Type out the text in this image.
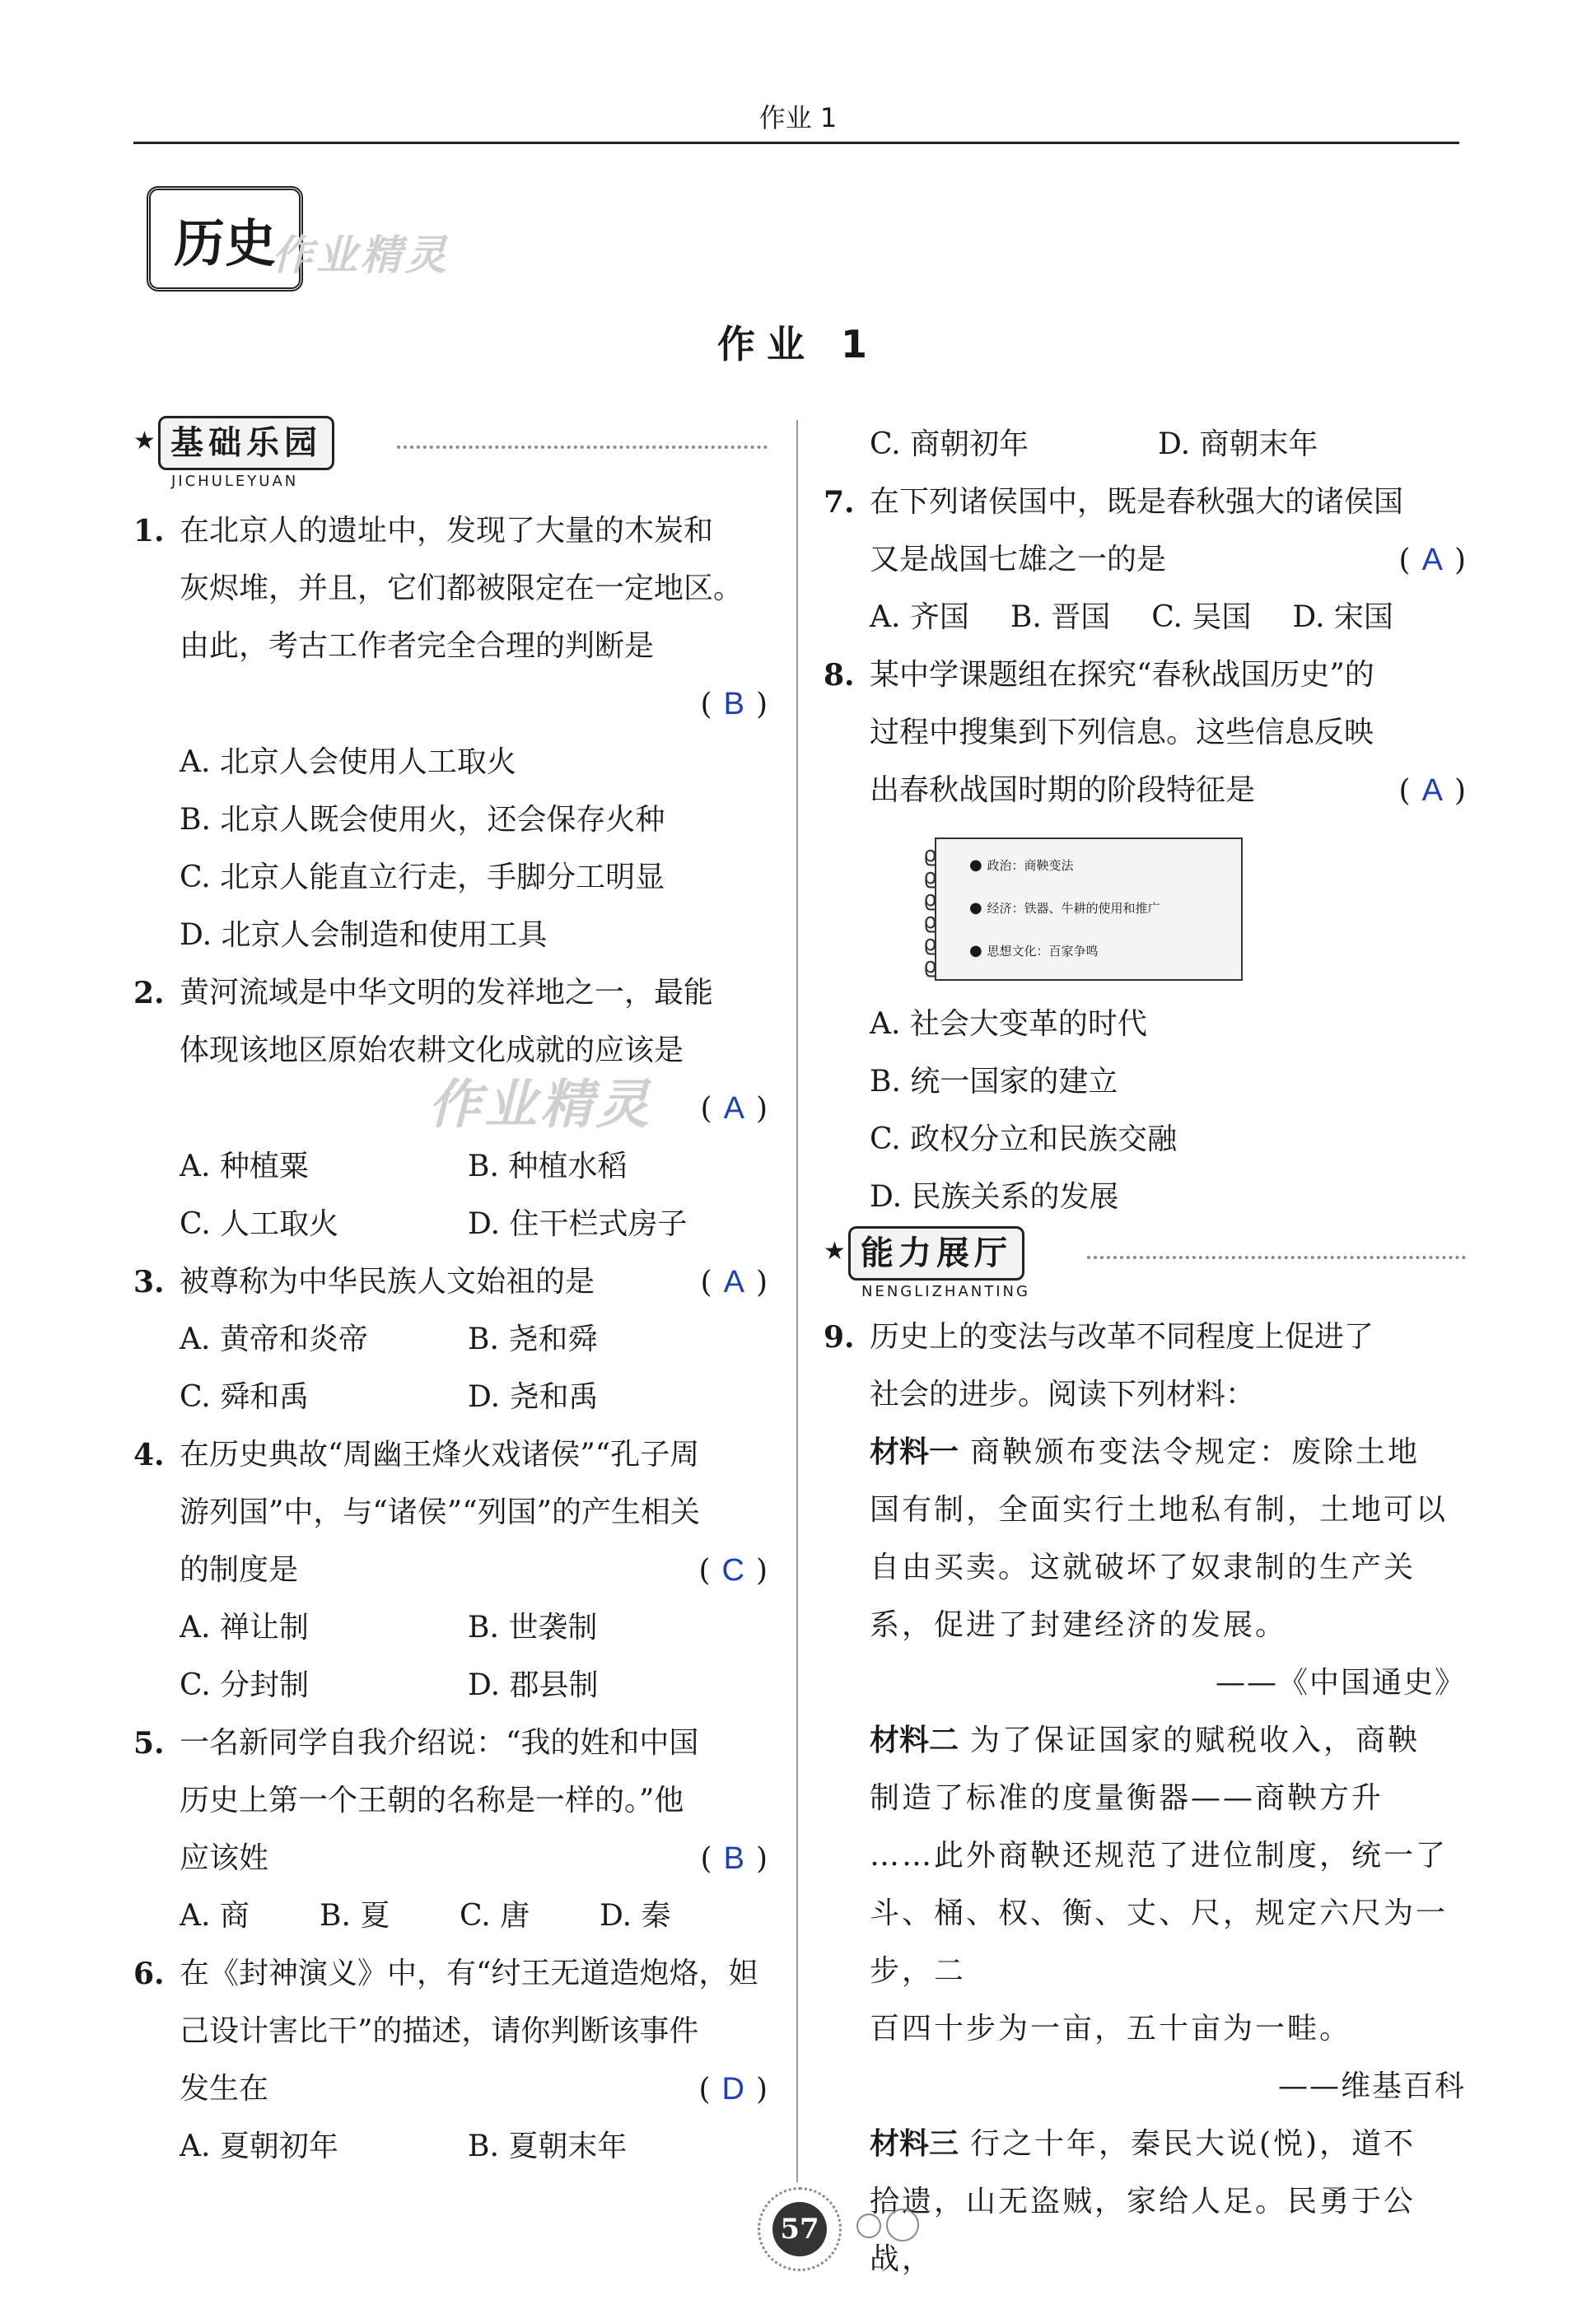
作业 1
历史
作业精灵
作业精灵
作业 1
★ 基础乐园
JICHULEYUAN
1. 在北京人的遗址中，发现了大量的木炭和
灰烬堆，并且，它们都被限定在一定地区。
由此，考古工作者完全合理的判断是
( B )
A. 北京人会使用人工取火
B. 北京人既会使用火，还会保存火种
C. 北京人能直立行走，手脚分工明显
D. 北京人会制造和使用工具
2. 黄河流域是中华文明的发祥地之一，最能
体现该地区原始农耕文化成就的应该是
( A )
A. 种植粟	B. 种植水稻
C. 人工取火	D. 住干栏式房子
3. 被尊称为中华民族人文始祖的是	( A )
A. 黄帝和炎帝	B. 尧和舜
C. 舜和禹	D. 尧和禹
4. 在历史典故“周幽王烽火戏诸侯”“孔子周
游列国”中，与“诸侯”“列国”的产生相关
的制度是	( C )
A. 禅让制	B. 世袭制
C. 分封制	D. 郡县制
5. 一名新同学自我介绍说：“我的姓和中国
历史上第一个王朝的名称是一样的。”他
应该姓	( B )
A. 商	B. 夏	C. 唐	D. 秦
6. 在《封神演义》中，有“纣王无道造炮烙，妲
己设计害比干”的描述，请你判断该事件
发生在	( D )
A. 夏朝初年	B. 夏朝末年
C. 商朝初年	D. 商朝末年
7. 在下列诸侯国中，既是春秋强大的诸侯国
又是战国七雄之一的是	( A )
A. 齐国 B. 晋国 C. 吴国 D. 宋国
8. 某中学课题组在探究“春秋战国历史”的
过程中搜集到下列信息。这些信息反映
出春秋战国时期的阶段特征是	( A )
ϱ
ϱ
ϱ
ϱ
ϱ
ϱ
● 政治：商鞅变法
● 经济：铁器、牛耕的使用和推广
● 思想文化：百家争鸣
A. 社会大变革的时代
B. 统一国家的建立
C. 政权分立和民族交融
D. 民族关系的发展
★ 能力展厅
NENGLIZHANTING
9. 历史上的变法与改革不同程度上促进了
社会的进步。阅读下列材料：
材料一 商鞅颁布变法令规定：废除土地
国有制，全面实行土地私有制，土地可以
自由买卖。这就破坏了奴隶制的生产关
系，促进了封建经济的发展。
——《中国通史》
材料二 为了保证国家的赋税收入，商鞅
制造了标准的度量衡器——商鞅方升
……此外商鞅还规范了进位制度，统一了
斗、桶、权、衡、丈、尺，规定六尺为一步，二
百四十步为一亩，五十亩为一畦。
——维基百科
材料三 行之十年，秦民大说(悦)，道不
拾遗，山无盗贼，家给人足。民勇于公战，
57
